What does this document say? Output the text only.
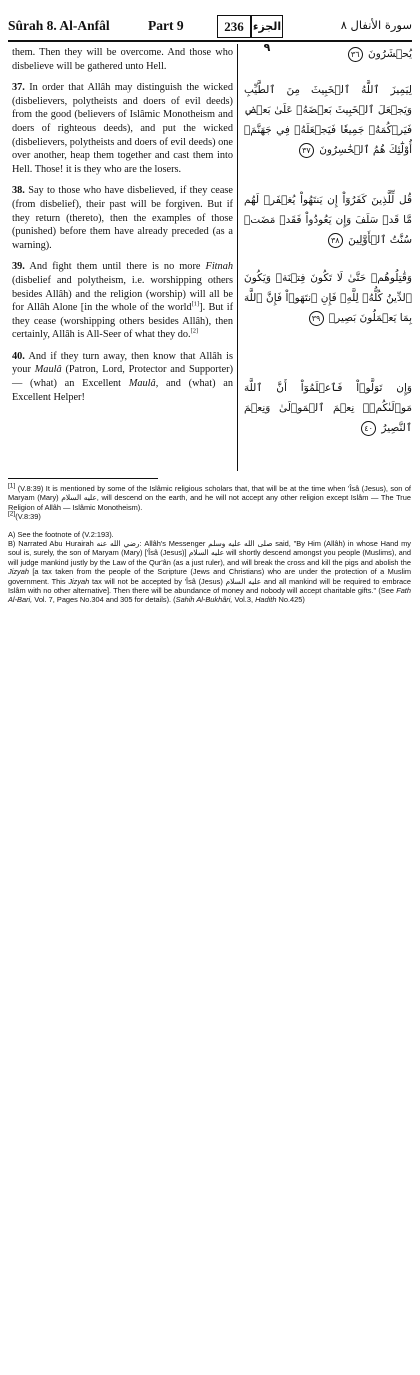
Sûrah 8. Al-Anfâl	Part 9	236 الجزء ٩
سورة الأنفال ٨

them. Then they will be overcome. And those who disbelieve will be gathered unto Hell.

37. In order that Allâh may distinguish the wicked (disbelievers, polytheists and doers of evil deeds) from the good (believers of Islâmic Monotheism and doers of righteous deeds), and put the wicked (disbelievers, polytheists and doers of evil deeds) one over another, heap them together and cast them into Hell. Those! it is they who are the losers.

38. Say to those who have disbelieved, if they cease (from disbelief), their past will be forgiven. But if they return (thereto), then the examples of those (punished) before them have already preceded (as a warning).

39. And fight them until there is no more Fitnah (disbelief and polytheism, i.e. worshipping others besides Allâh) and the religion (worship) will all be for Allâh Alone [in the whole of the world[1]]. But if they cease (worshipping others besides Allâh), then certainly, Allâh is All-Seer of what they do.[2]

40. And if they turn away, then know that Allâh is your Maulâ (Patron, Lord, Protector and Supporter) — (what) an Excellent Maulâ, and (what) an Excellent Helper!

يُحۡشَرُونَ ٣٦
لِيَمِيزَ ٱللَّهُ ٱلۡخَبِيثَ مِنَ ٱلطَّيِّبِ وَيَجۡعَلَ ٱلۡخَبِيثَ بَعۡضَهُۥ عَلَىٰ بَعۡضٖ فَيَرۡكُمَهُۥ جَمِيعٗا فَيَجۡعَلَهُۥ فِي جَهَنَّمَۚ أُوْلَٰٓئِكَ هُمُ ٱلۡخَٰسِرُونَ ٣٧
قُل لِّلَّذِينَ كَفَرُوٓاْ إِن يَنتَهُواْ يُغۡفَرۡ لَهُم مَّا قَدۡ سَلَفَ وَإِن يَعُودُواْ فَقَدۡ مَضَتۡ سُنَّتُ ٱلۡأَوَّلِينَ ٣٨
وَقَٰتِلُوهُمۡ حَتَّىٰ لَا تَكُونَ فِتۡنَةٞ وَيَكُونَ ٱلدِّينُ كُلُّهُۥ لِلَّهِۚ فَإِنِ ٱنتَهَوۡاْ فَإِنَّ ٱللَّهَ بِمَا يَعۡمَلُونَ بَصِيرٞ ٣٩
وَإِن تَوَلَّوۡاْ فَٱعۡلَمُوٓاْ أَنَّ ٱللَّهَ مَوۡلَىٰكُمۡۚ نِعۡمَ ٱلۡمَوۡلَىٰ وَنِعۡمَ ٱلنَّصِيرُ ٤٠

[1] (V.8:39) It is mentioned by some of the Islâmic religious scholars that, that will be at the time when 'Îsâ (Jesus), son of Maryam (Mary) عليه السلام, will descend on the earth, and he will not accept any other religion except Islâm — The True Religion of Allâh — Islâmic Monotheism).

[2](V.8:39)

A) See the footnote of (V.2:193).

B) Narrated Abu Hurairah رضي الله عنه: Allâh's Messenger صلى الله عليه وسلم said, "By Him (Allâh) in whose Hand my soul is, surely, the son of Maryam (Mary) ['Îsâ (Jesus)] عليه السلام will shortly descend amongst you people (Muslims), and will judge mankind justly by the Law of the Qur'ân (as a just ruler), and will break the cross and kill the pigs and abolish the Jizyah [a tax taken from the people of the Scripture (Jews and Christians) who are under the protection of a Muslim government. This Jizyah tax will not be accepted by 'Îsâ (Jesus) عليه السلام and all mankind will be required to embrace Islâm with no other alternative]. Then there will be abundance of money and nobody will accept charitable gifts." (See Fath Al-Bari, Vol. 7, Pages No.304 and 305 for details). (Sahih Al-Bukhâri, Vol.3, Hadith No.425)
